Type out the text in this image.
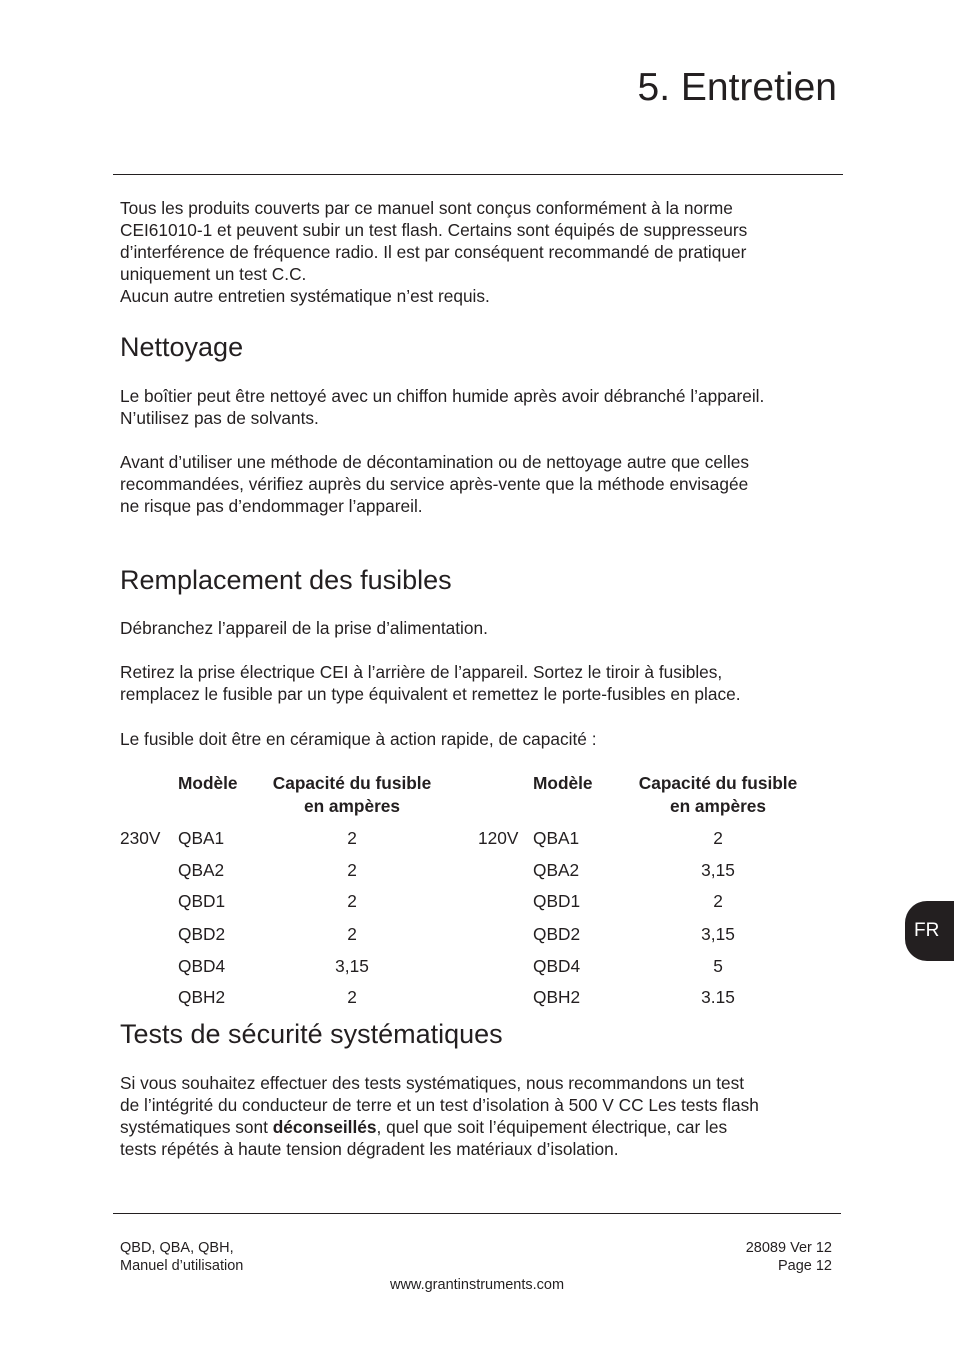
5. Entretien

Tous les produits couverts par ce manuel sont conçus conformément à la norme
CEI61010-1 et peuvent subir un test flash. Certains sont équipés de suppresseurs
d’interférence de fréquence radio. Il est par conséquent recommandé de pratiquer
uniquement un test C.C.
Aucun autre entretien systématique n’est requis.

Nettoyage

Le boîtier peut être nettoyé avec un chiffon humide après avoir débranché l’appareil.
N’utilisez pas de solvants.

Avant d’utiliser une méthode de décontamination ou de nettoyage autre que celles
recommandées, vérifiez auprès du service après-vente que la méthode envisagée
ne risque pas d’endommager l’appareil.

Remplacement des fusibles

Débranchez l’appareil de la prise d’alimentation.

Retirez la prise électrique CEI à l’arrière de l’appareil. Sortez le tiroir à fusibles,
remplacez le fusible par un type équivalent et remettez le porte-fusibles en place.

Le fusible doit être en céramique à action rapide, de capacité :

Modèle	Capacité du fusible
en ampères
230V QBA1	2
QBA2	2
QBD1	2
QBD2	2
QBD4	3,15
QBH2	2
Modèle	Capacité du fusible
en ampères
120V QBA1	2
QBA2	3,15
QBD1	2
QBD2	3,15
QBD4	5
QBH2	3.15
Tests de sécurité systématiques

Si vous souhaitez effectuer des tests systématiques, nous recommandons un test
de l’intégrité du conducteur de terre et un test d’isolation à 500 V CC Les tests flash
systématiques sont déconseillés, quel que soit l’équipement électrique, car les
tests répétés à haute tension dégradent les matériaux d’isolation.

FR

QBD, QBA, QBH,
Manuel d’utilisation

28089 Ver 12
Page 12

www.grantinstruments.com
